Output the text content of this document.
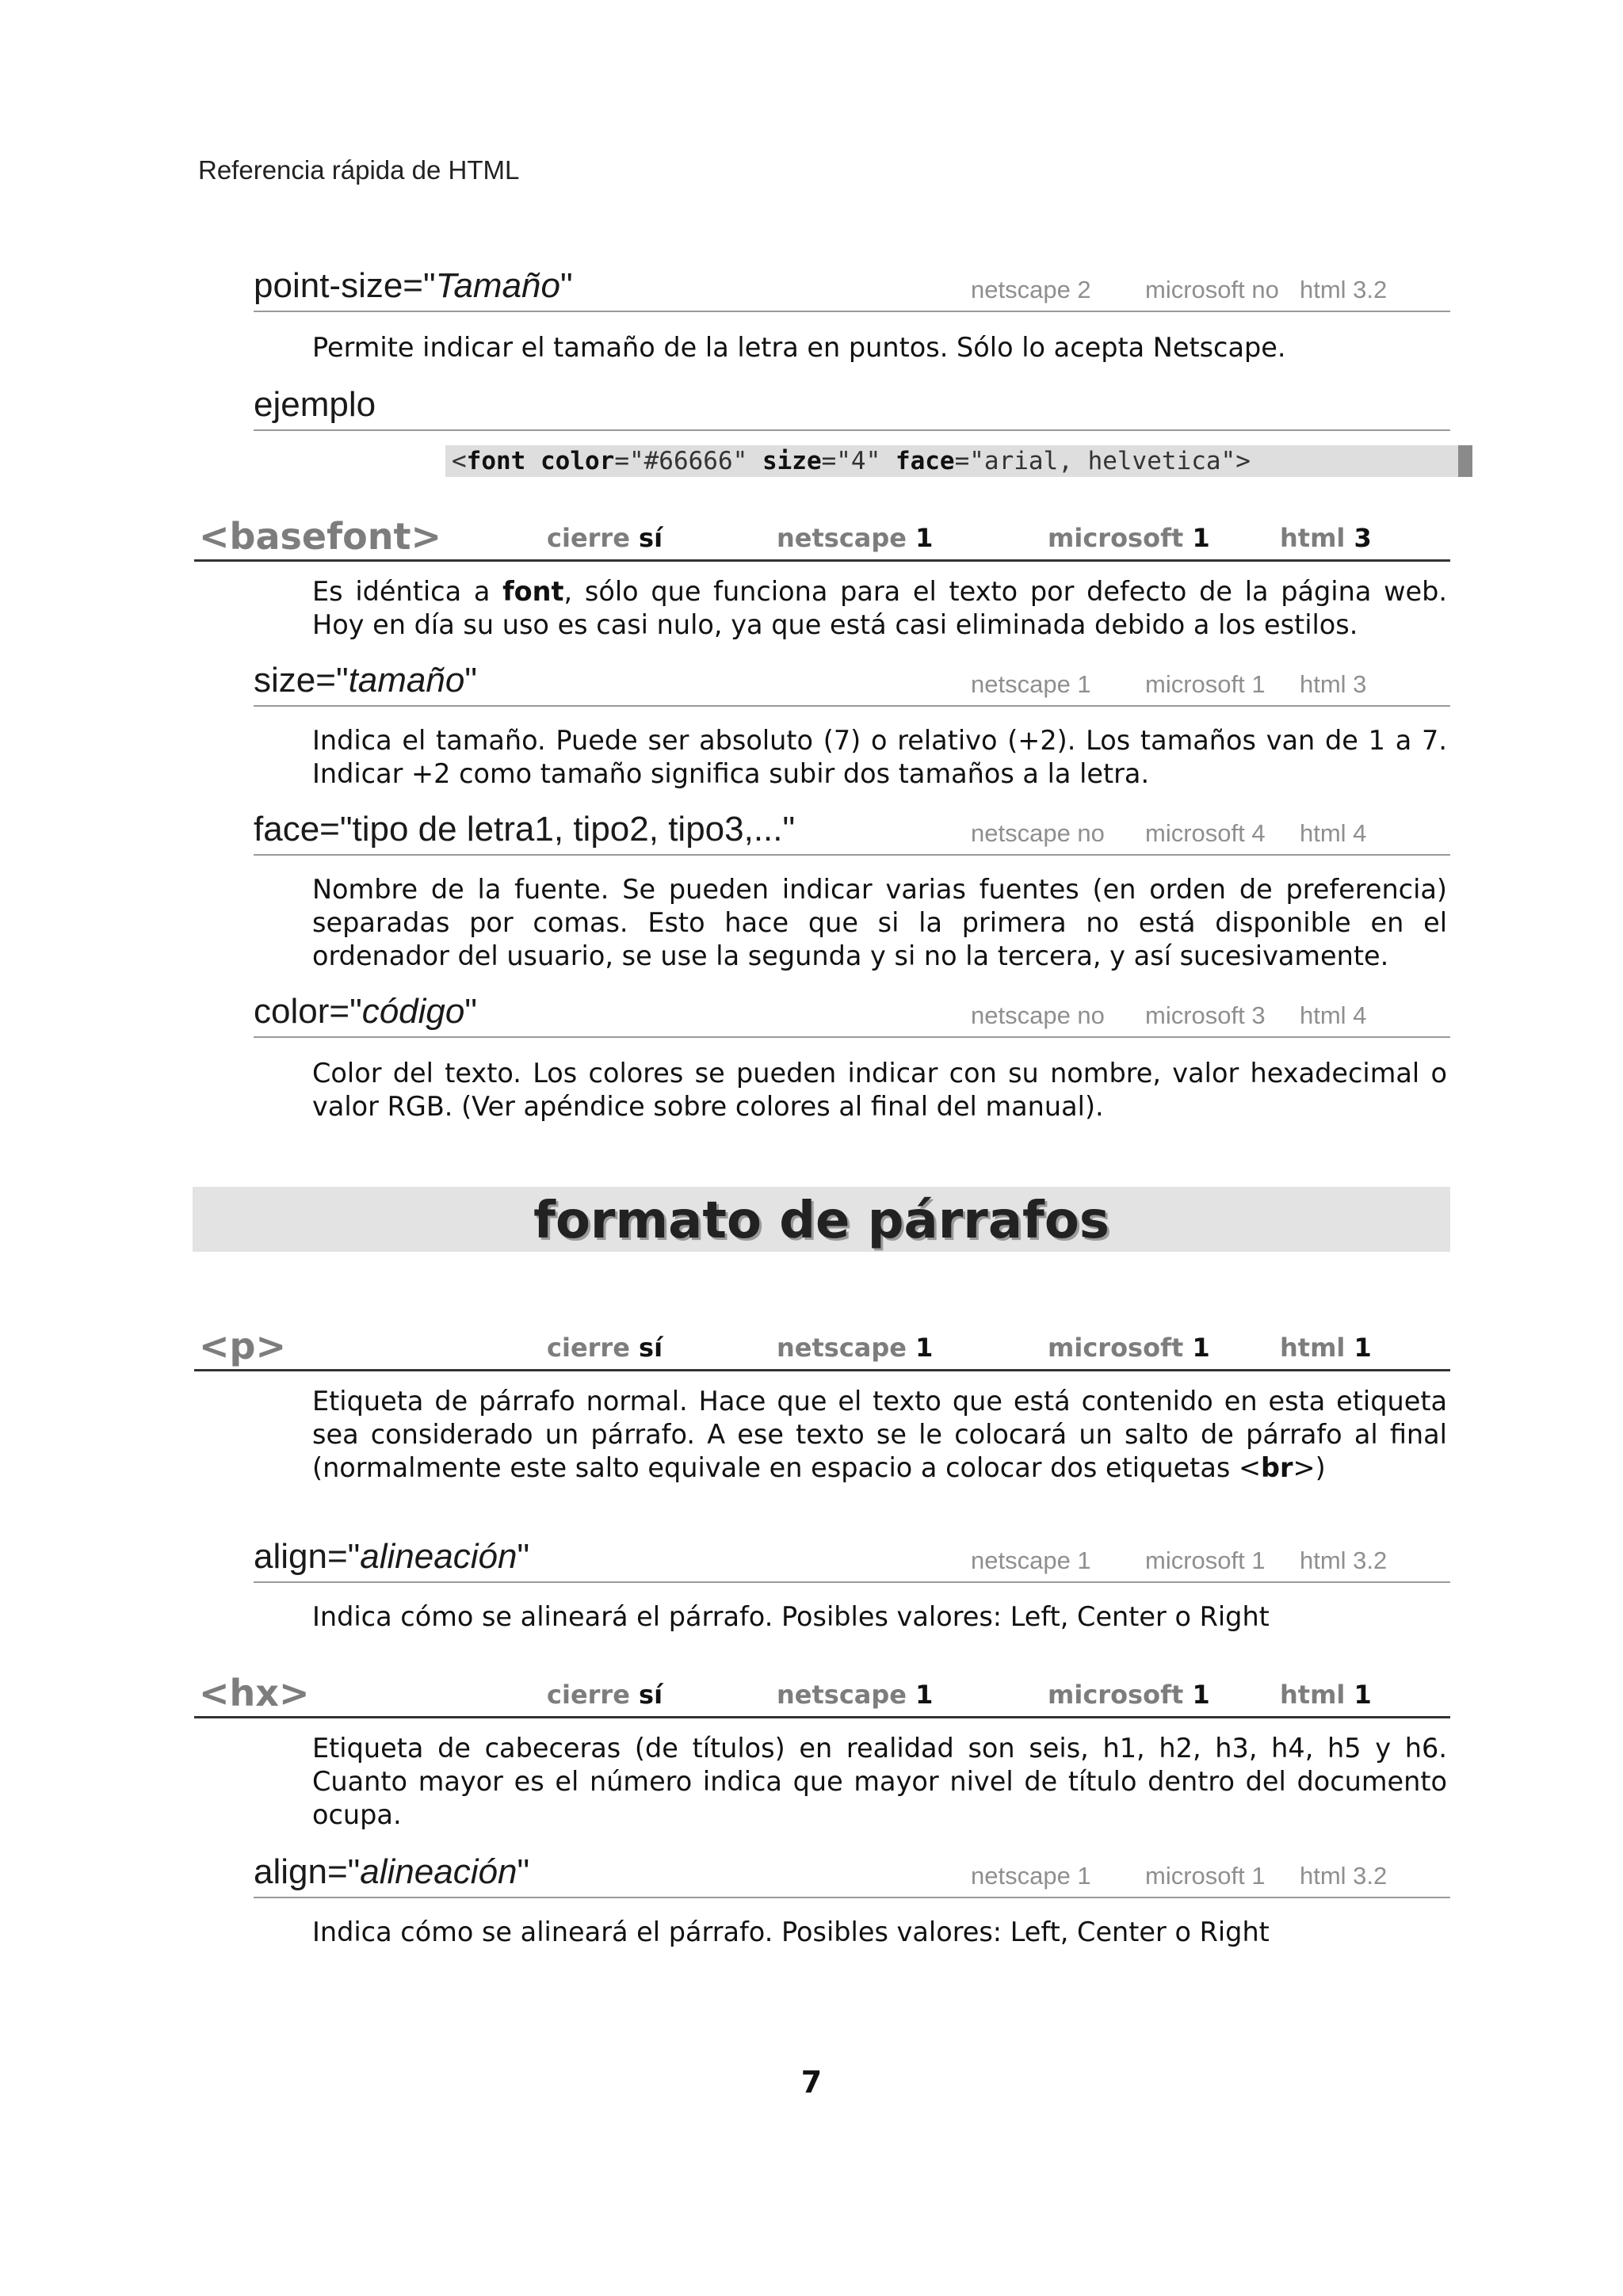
Referencia rápida de HTML
point-size="Tamaño"	netscape 2 microsoft no html 3.2
Permite indicar el tamaño de la letra en puntos. Sólo lo acepta Netscape.
ejemplo
<font color="#66666" size="4" face="arial, helvetica">
<basefont>	cierre sí	netscape 1	microsoft 1	html 3
Es idéntica a font, sólo que funciona para el texto por defecto de la página web. Hoy en día su uso es casi nulo, ya que está casi eliminada debido a los estilos.
size="tamaño"	netscape 1 microsoft 1 html 3
Indica el tamaño. Puede ser absoluto (7) o relativo (+2). Los tamaños van de 1 a 7. Indicar +2 como tamaño significa subir dos tamaños a la letra.
face="tipo de letra1, tipo2, tipo3,..."	netscape no microsoft 4 html 4
Nombre de la fuente. Se pueden indicar varias fuentes (en orden de preferencia) separadas por comas. Esto hace que si la primera no está disponible en el ordenador del usuario, se use la segunda y si no la tercera, y así sucesivamente.
color="código"	netscape no microsoft 3 html 4
Color del texto. Los colores se pueden indicar con su nombre, valor hexadecimal o valor RGB. (Ver apéndice sobre colores al final del manual).
formato de párrafos
<p>	cierre sí	netscape 1	microsoft 1	html 1
Etiqueta de párrafo normal. Hace que el texto que está contenido en esta etiqueta sea considerado un párrafo. A ese texto se le colocará un salto de párrafo al final (normalmente este salto equivale en espacio a colocar dos etiquetas <br>)
align="alineación"	netscape 1 microsoft 1 html 3.2
Indica cómo se alineará el párrafo. Posibles valores: Left, Center o Right
<hx>	cierre sí	netscape 1	microsoft 1	html 1
Etiqueta de cabeceras (de títulos) en realidad son seis, h1, h2, h3, h4, h5 y h6. Cuanto mayor es el número indica que mayor nivel de título dentro del documento ocupa.
align="alineación"	netscape 1 microsoft 1 html 3.2
Indica cómo se alineará el párrafo. Posibles valores: Left, Center o Right
7
